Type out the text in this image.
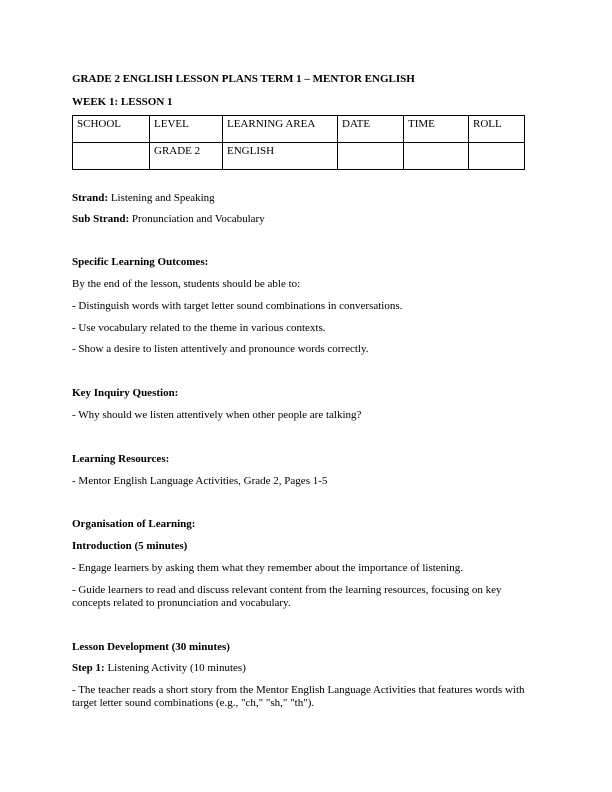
GRADE 2 ENGLISH LESSON PLANS TERM 1 – MENTOR ENGLISH

WEEK 1: LESSON 1

SCHOOL	LEVEL	LEARNING AREA	DATE	TIME	ROLL
	GRADE 2	ENGLISH			

Strand: Listening and Speaking

Sub Strand: Pronunciation and Vocabulary

Specific Learning Outcomes:

By the end of the lesson, students should be able to:

- Distinguish words with target letter sound combinations in conversations.

- Use vocabulary related to the theme in various contexts.

- Show a desire to listen attentively and pronounce words correctly.

Key Inquiry Question:

- Why should we listen attentively when other people are talking?

Learning Resources:

- Mentor English Language Activities, Grade 2, Pages 1-5

Organisation of Learning:

Introduction (5 minutes)

- Engage learners by asking them what they remember about the importance of listening.

- Guide learners to read and discuss relevant content from the learning resources, focusing on key concepts related to pronunciation and vocabulary.

Lesson Development (30 minutes)

Step 1: Listening Activity (10 minutes)

- The teacher reads a short story from the Mentor English Language Activities that features words with target letter sound combinations (e.g., "ch," "sh," "th").
